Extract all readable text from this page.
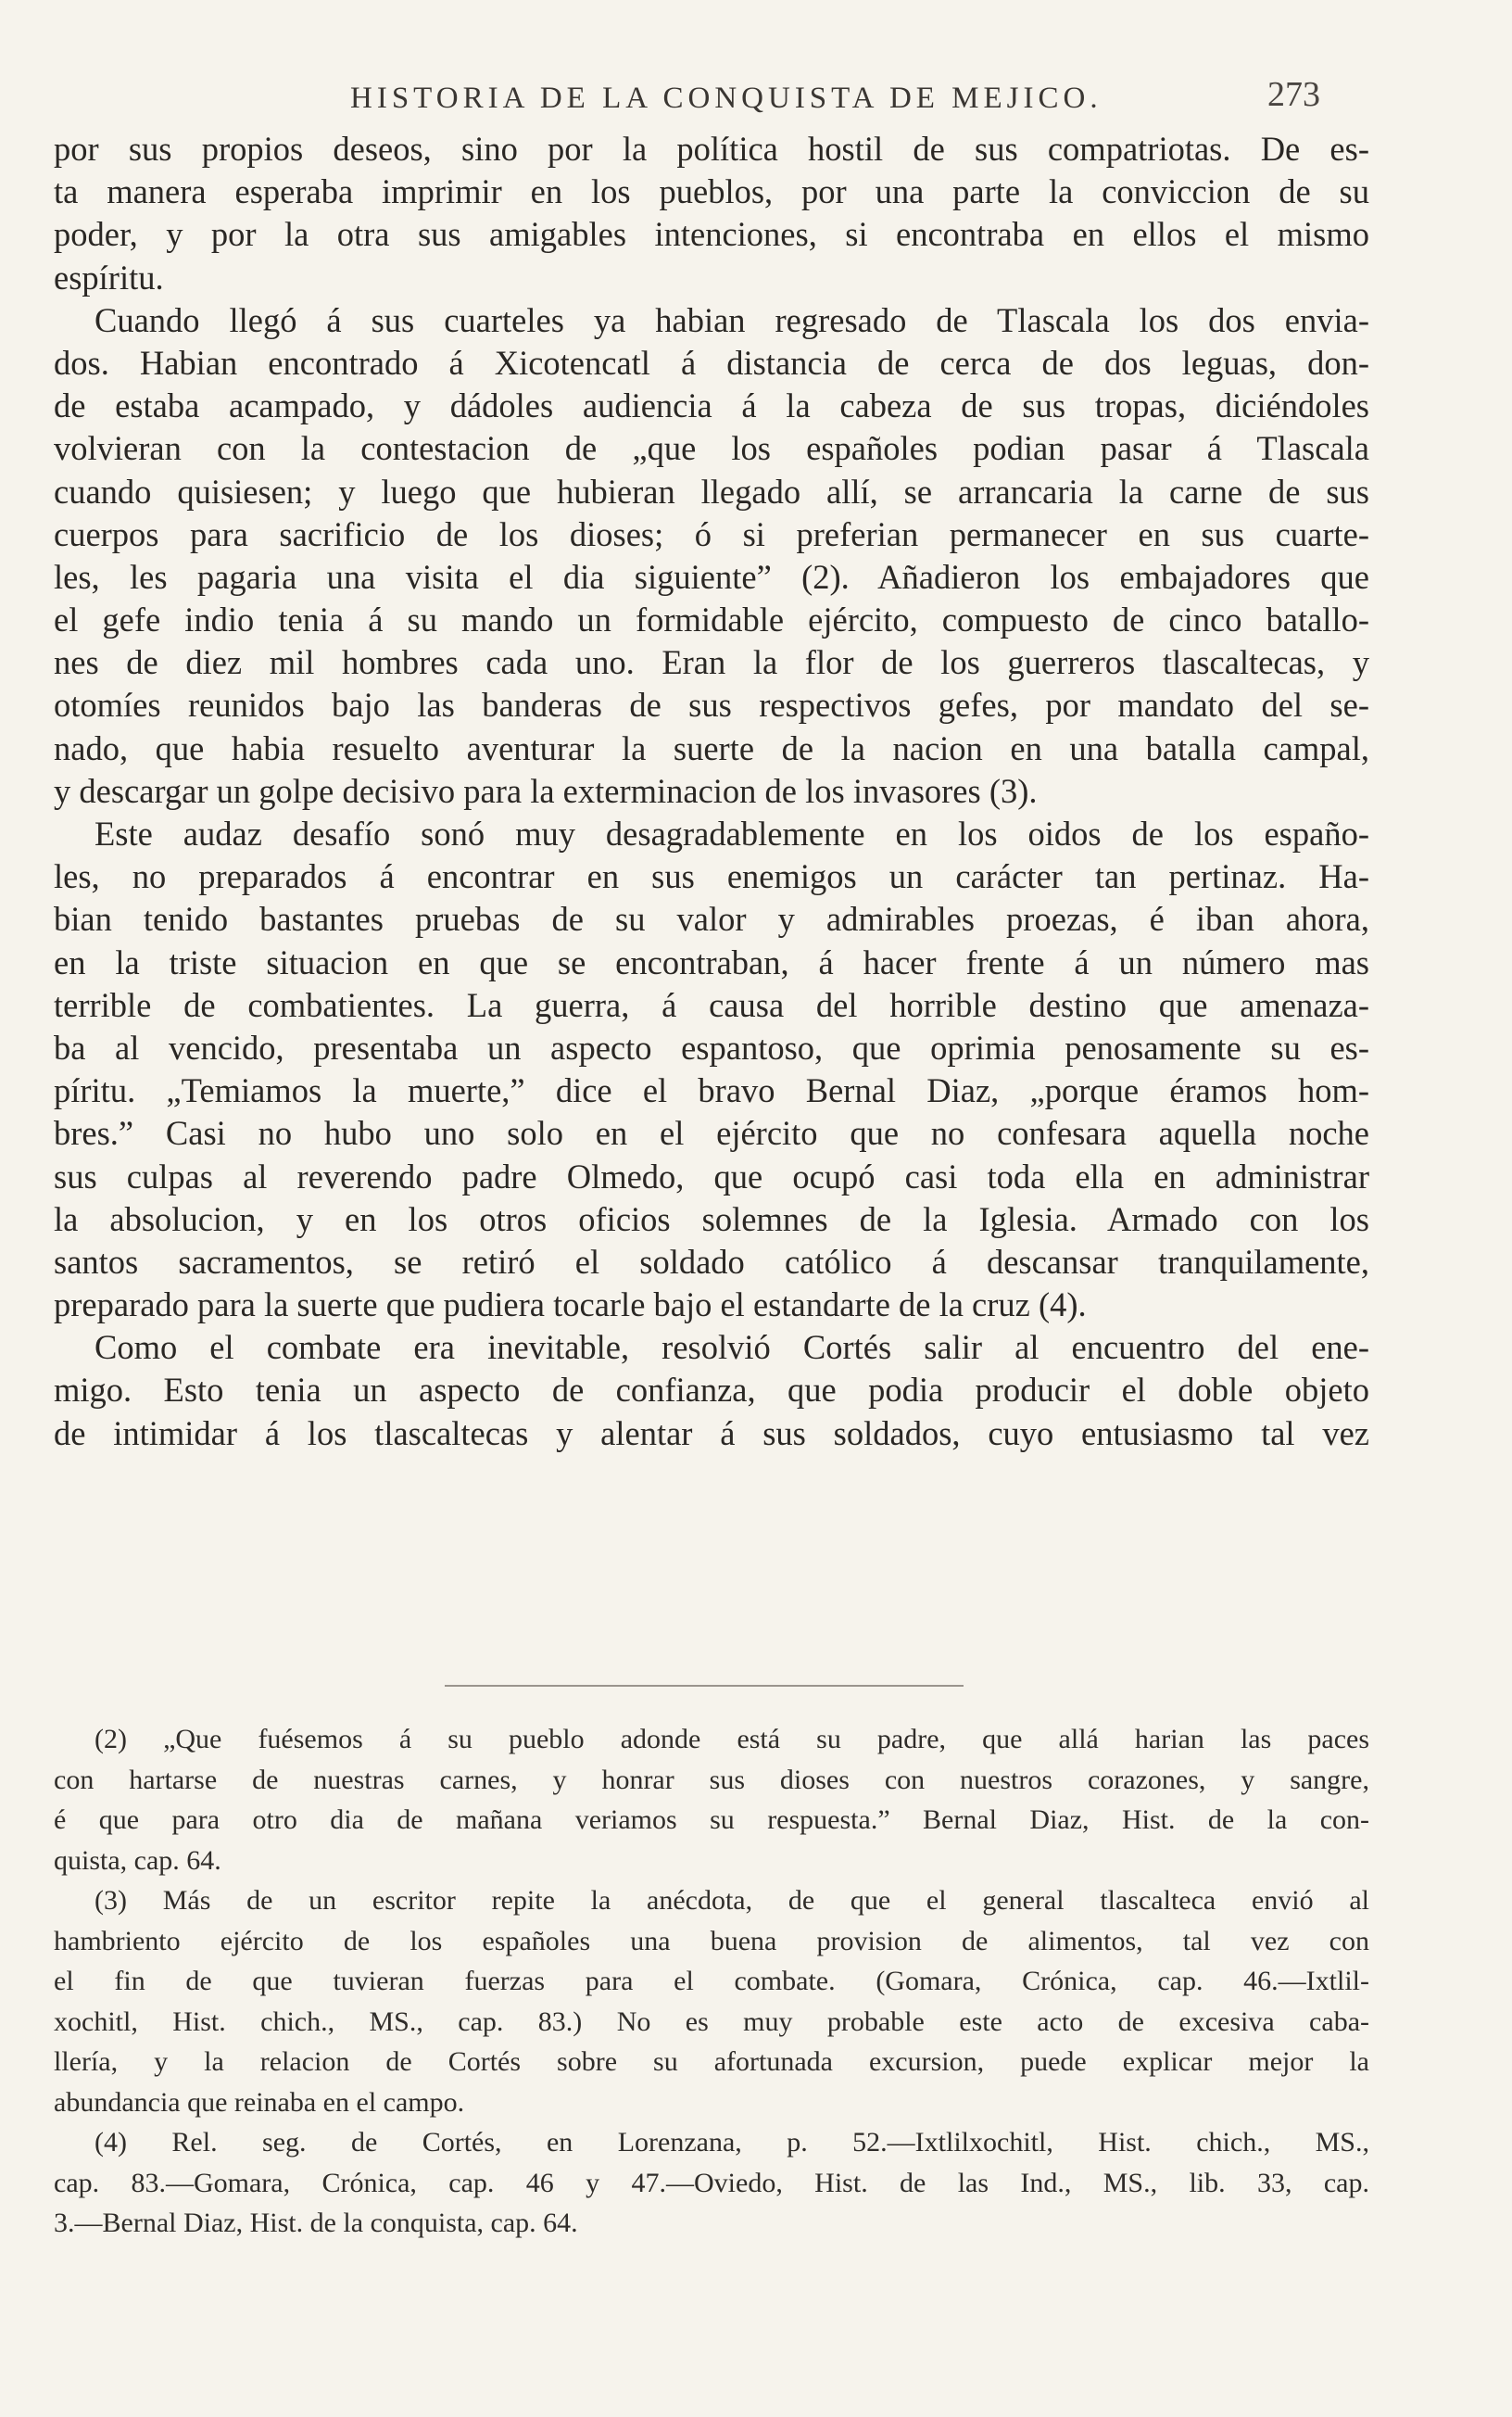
HISTORIA DE LA CONQUISTA DE MEJICO.	273
por sus propios deseos, sino por la política hostil de sus compatriotas. De es-
ta manera esperaba imprimir en los pueblos, por una parte la conviccion de su
poder, y por la otra sus amigables intenciones, si encontraba en ellos el mismo
espíritu.
Cuando llegó á sus cuarteles ya habian regresado de Tlascala los dos envia-
dos. Habian encontrado á Xicotencatl á distancia de cerca de dos leguas, don-
de estaba acampado, y dádoles audiencia á la cabeza de sus tropas, diciéndoles
volvieran con la contestacion de „que los españoles podian pasar á Tlascala
cuando quisiesen; y luego que hubieran llegado allí, se arrancaria la carne de sus
cuerpos para sacrificio de los dioses; ó si preferian permanecer en sus cuarte-
les, les pagaria una visita el dia siguiente” (2). Añadieron los embajadores que
el gefe indio tenia á su mando un formidable ejército, compuesto de cinco batallo-
nes de diez mil hombres cada uno. Eran la flor de los guerreros tlascaltecas, y
otomíes reunidos bajo las banderas de sus respectivos gefes, por mandato del se-
nado, que habia resuelto aventurar la suerte de la nacion en una batalla campal,
y descargar un golpe decisivo para la exterminacion de los invasores (3).
Este audaz desafío sonó muy desagradablemente en los oidos de los españo-
les, no preparados á encontrar en sus enemigos un carácter tan pertinaz. Ha-
bian tenido bastantes pruebas de su valor y admirables proezas, é iban ahora,
en la triste situacion en que se encontraban, á hacer frente á un número mas
terrible de combatientes. La guerra, á causa del horrible destino que amenaza-
ba al vencido, presentaba un aspecto espantoso, que oprimia penosamente su es-
píritu. „Temiamos la muerte,” dice el bravo Bernal Diaz, „porque éramos hom-
bres.” Casi no hubo uno solo en el ejército que no confesara aquella noche
sus culpas al reverendo padre Olmedo, que ocupó casi toda ella en administrar
la absolucion, y en los otros oficios solemnes de la Iglesia. Armado con los
santos sacramentos, se retiró el soldado católico á descansar tranquilamente,
preparado para la suerte que pudiera tocarle bajo el estandarte de la cruz (4).
Como el combate era inevitable, resolvió Cortés salir al encuentro del ene-
migo. Esto tenia un aspecto de confianza, que podia producir el doble objeto
de intimidar á los tlascaltecas y alentar á sus soldados, cuyo entusiasmo tal vez
(2) „Que fuésemos á su pueblo adonde está su padre, que allá harian las paces
con hartarse de nuestras carnes, y honrar sus dioses con nuestros corazones, y sangre,
é que para otro dia de mañana veriamos su respuesta.” Bernal Diaz, Hist. de la con-
quista, cap. 64.
(3) Más de un escritor repite la anécdota, de que el general tlascalteca envió al
hambriento ejército de los españoles una buena provision de alimentos, tal vez con
el fin de que tuvieran fuerzas para el combate. (Gomara, Crónica, cap. 46.—Ixtlil-
xochitl, Hist. chich., MS., cap. 83.) No es muy probable este acto de excesiva caba-
llería, y la relacion de Cortés sobre su afortunada excursion, puede explicar mejor la
abundancia que reinaba en el campo.
(4) Rel. seg. de Cortés, en Lorenzana, p. 52.—Ixtlilxochitl, Hist. chich., MS.,
cap. 83.—Gomara, Crónica, cap. 46 y 47.—Oviedo, Hist. de las Ind., MS., lib. 33, cap.
3.—Bernal Diaz, Hist. de la conquista, cap. 64.
